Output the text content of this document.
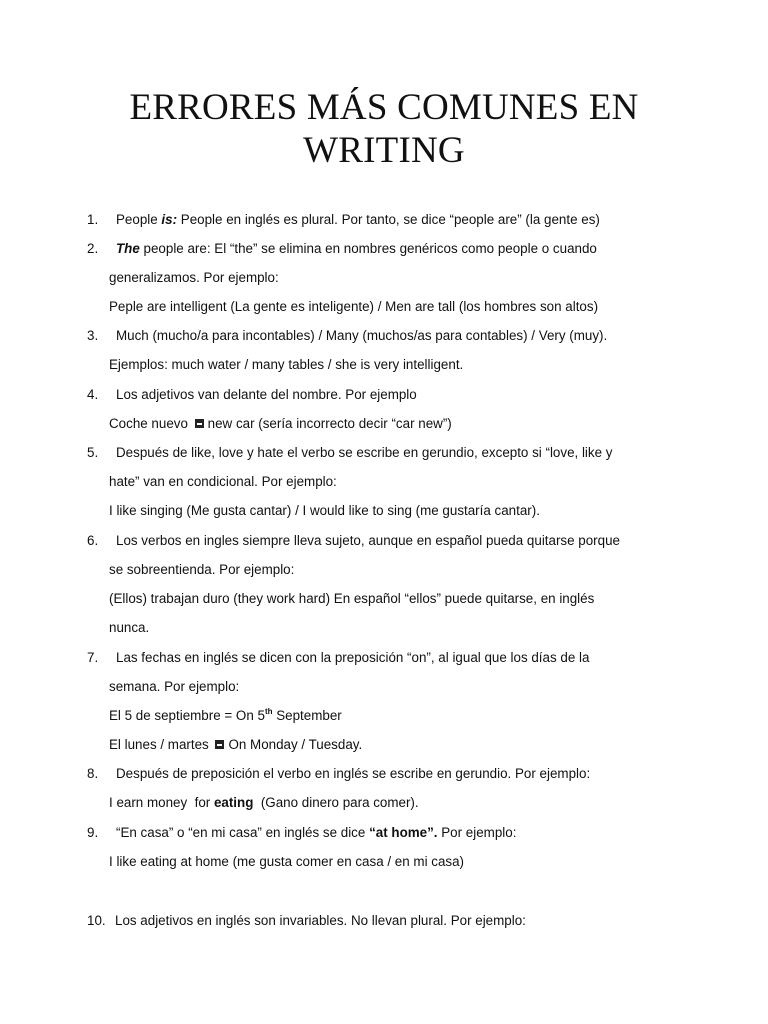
ERRORES MÁS COMUNES EN
WRITING
1. People is: People en inglés es plural. Por tanto, se dice “people are” (la gente es)
2. The people are: El “the” se elimina en nombres genéricos como people o cuando
generalizamos. Por ejemplo:
Peple are intelligent (La gente es inteligente) / Men are tall (los hombres son altos)
3. Much (mucho/a para incontables) / Many (muchos/as para contables) / Very (muy).
Ejemplos: much water / many tables / she is very intelligent.
4. Los adjetivos van delante del nombre. Por ejemplo
Coche nuevo new car (sería incorrecto decir “car new”)
5. Después de like, love y hate el verbo se escribe en gerundio, excepto si “love, like y
hate” van en condicional. Por ejemplo:
I like singing (Me gusta cantar) / I would like to sing (me gustaría cantar).
6. Los verbos en ingles siempre lleva sujeto, aunque en español pueda quitarse porque
se sobreentienda. Por ejemplo:
(Ellos) trabajan duro (they work hard) En español “ellos” puede quitarse, en inglés
nunca.
7. Las fechas en inglés se dicen con la preposición “on”, al igual que los días de la
semana. Por ejemplo:
El 5 de septiembre = On 5th September
El lunes / martes On Monday / Tuesday.
8. Después de preposición el verbo en inglés se escribe en gerundio. Por ejemplo:
I earn money  for eating  (Gano dinero para comer).
9. “En casa” o “en mi casa” en inglés se dice “at home”. Por ejemplo:
I like eating at home (me gusta comer en casa / en mi casa)
10. Los adjetivos en inglés son invariables. No llevan plural. Por ejemplo:
